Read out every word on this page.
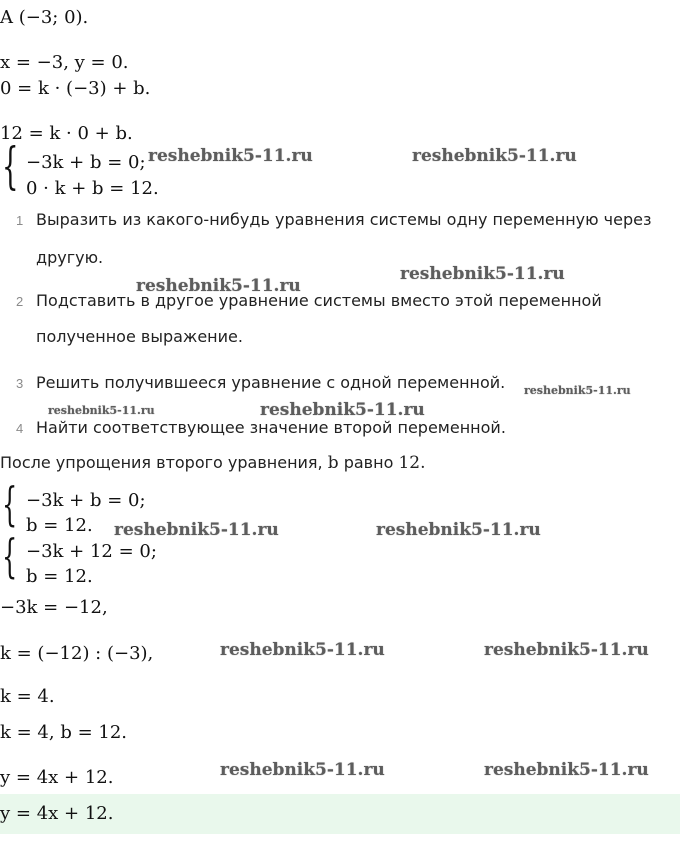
A (−3; 0).
x = −3, y = 0.
0 = k · (−3) + b.
12 = k · 0 + b.
{ −3k + b = 0;
0 · k + b = 12.
1 Выразить из какого-нибудь уравнения системы одну переменную через
другую.
2 Подставить в другое уравнение системы вместо этой переменной
полученное выражение.
3 Решить получившееся уравнение с одной переменной.
4 Найти соответствующее значение второй переменной.
После упрощения второго уравнения, b равно 12.
{ −3k + b = 0;
b = 12.
{ −3k + 12 = 0;
b = 12.
−3k = −12,
k = (−12) : (−3),
k = 4.
k = 4, b = 12.
y = 4x + 12.
y = 4x + 12.
reshebnik5-11.ru	reshebnik5-11.ru
reshebnik5-11.ru
reshebnik5-11.ru
reshebnik5-11.ru
reshebnik5-11.ru	reshebnik5-11.ru
reshebnik5-11.ru	reshebnik5-11.ru
reshebnik5-11.ru	reshebnik5-11.ru
reshebnik5-11.ru	reshebnik5-11.ru
